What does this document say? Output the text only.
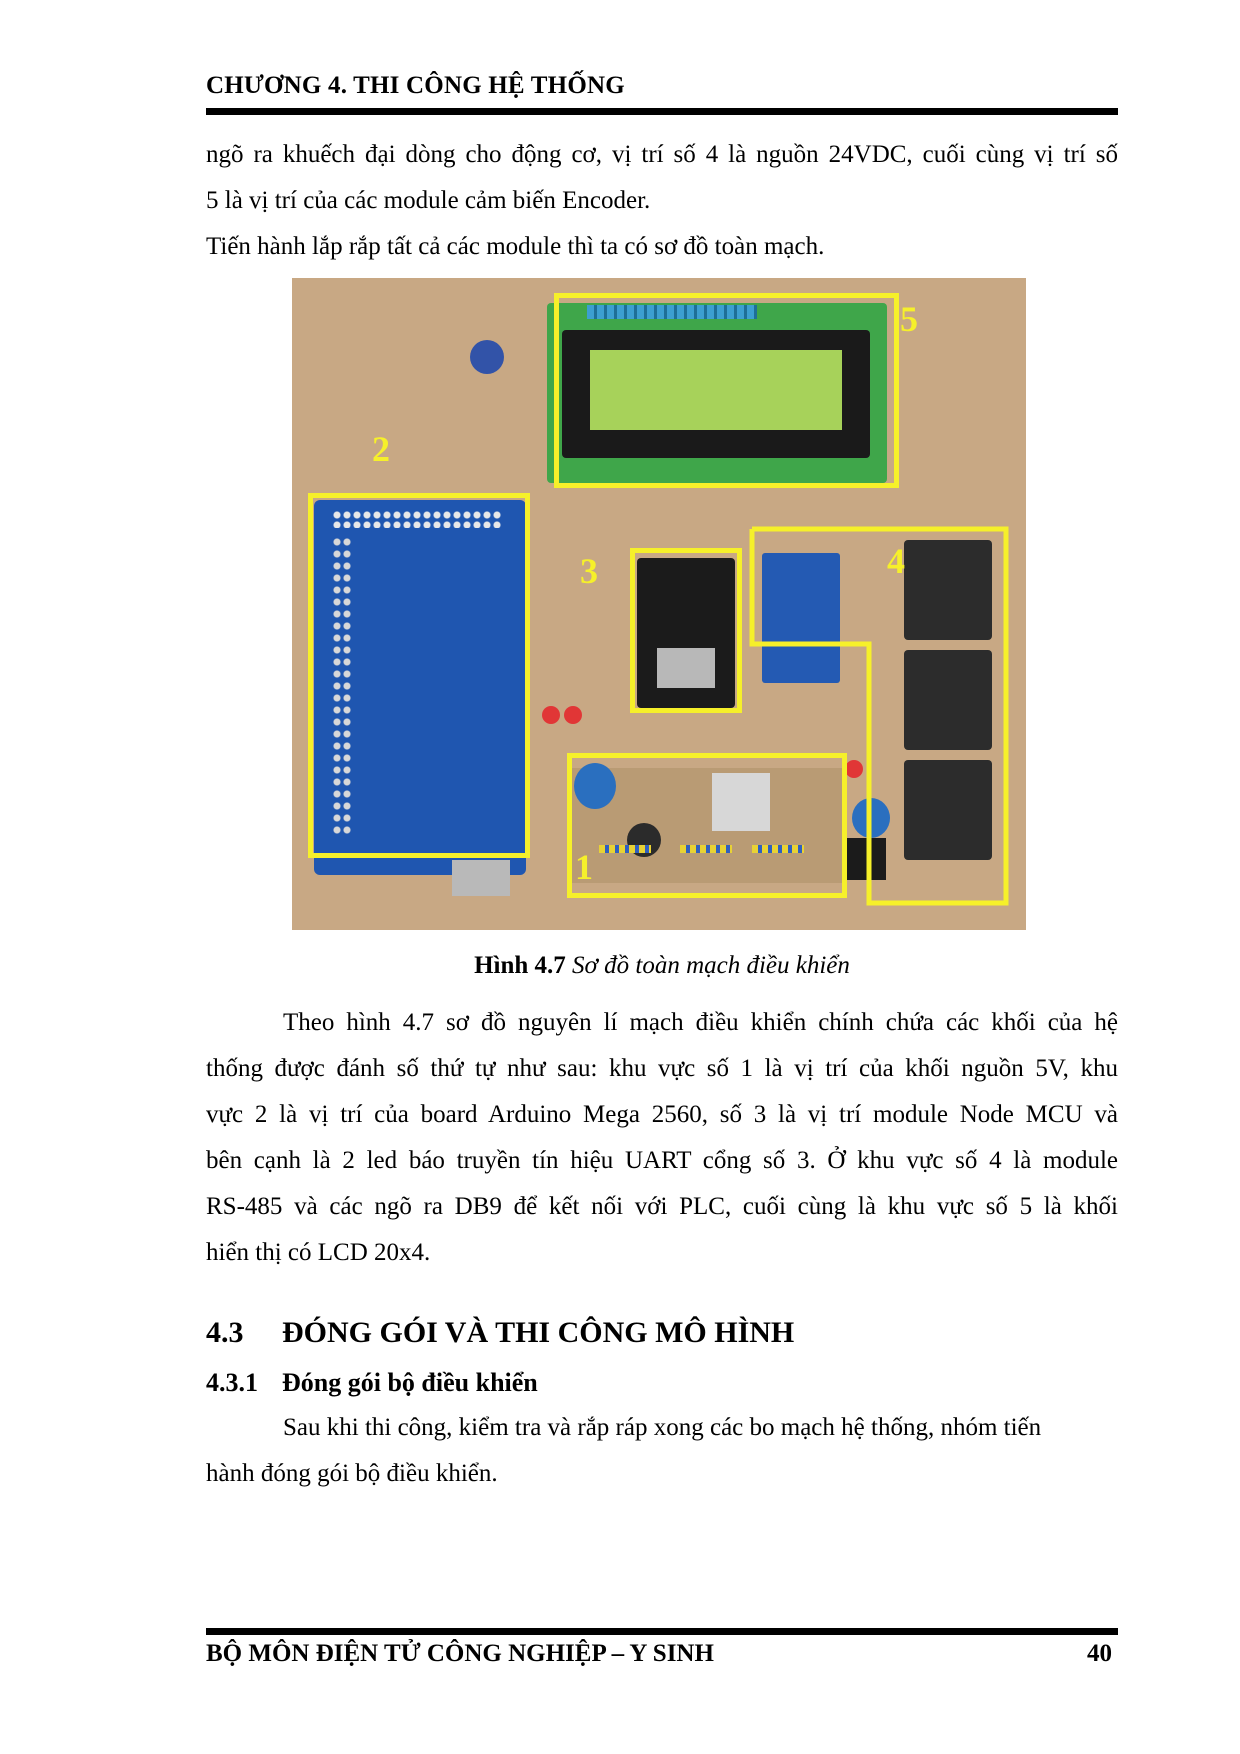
CHƯƠNG 4. THI CÔNG HỆ THỐNG
ngõ ra khuếch đại dòng cho động cơ, vị trí số 4 là nguồn 24VDC, cuối cùng vị trí số
5 là vị trí của các module cảm biến Encoder.
Tiến hành lắp rắp tất cả các module thì ta có sơ đồ toàn mạch.
5
2
3	4
1
Hình 4.7 Sơ đồ toàn mạch điều khiển
Theo hình 4.7 sơ đồ nguyên lí mạch điều khiển chính chứa các khối của hệ
thống được đánh số thứ tự như sau: khu vực số 1 là vị trí của khối nguồn 5V, khu
vực 2 là vị trí của board Arduino Mega 2560, số 3 là vị trí module Node MCU và
bên cạnh là 2 led báo truyền tín hiệu UART cổng số 3. Ở khu vực số 4 là module
RS-485 và các ngõ ra DB9 để kết nối với PLC, cuối cùng là khu vực số 5 là khối
hiển thị có LCD 20x4.
4.3 ĐÓNG GÓI VÀ THI CÔNG MÔ HÌNH
4.3.1 Đóng gói bộ điều khiển
Sau khi thi công, kiểm tra và rắp ráp xong các bo mạch hệ thống, nhóm tiến
hành đóng gói bộ điều khiển.
BỘ MÔN ĐIỆN TỬ CÔNG NGHIỆP – Y SINH	40
